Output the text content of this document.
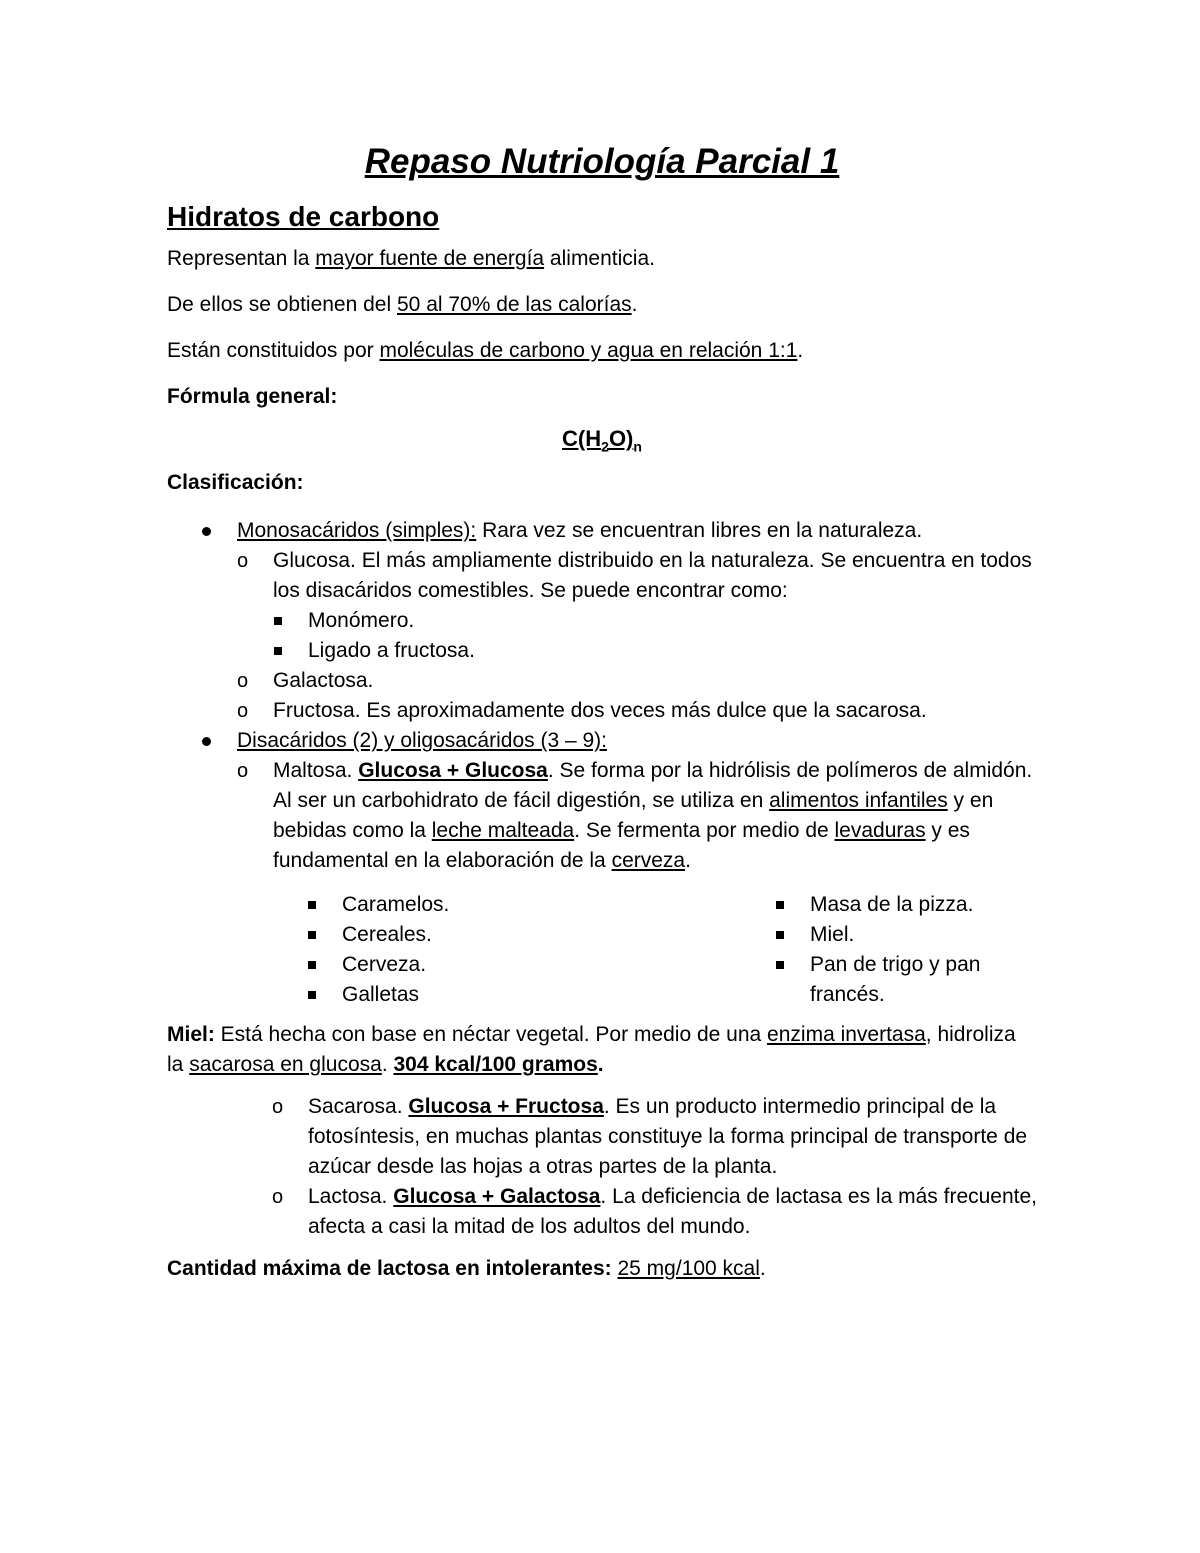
Repaso Nutriología Parcial 1
Hidratos de carbono

Representan la mayor fuente de energía alimenticia.

De ellos se obtienen del 50 al 70% de las calorías.

Están constituidos por moléculas de carbono y agua en relación 1:1.

Fórmula general:

$C(H_2O)_n$

Clasificación:

Monosacáridos (simples): Rara vez se encuentran libres en la naturaleza.
o Glucosa. El más ampliamente distribuido en la naturaleza. Se encuentra en todos los disacáridos comestibles. Se puede encontrar como:
Monómero.
Ligado a fructosa.
o Galactosa.
o Fructosa. Es aproximadamente dos veces más dulce que la sacarosa.
Disacáridos (2) y oligosacáridos (3 – 9):
o Maltosa. Glucosa + Glucosa. Se forma por la hidrólisis de polímeros de almidón. Al ser un carbohidrato de fácil digestión, se utiliza en alimentos infantiles y en bebidas como la leche malteada. Se fermenta por medio de levaduras y es fundamental en la elaboración de la cerveza.
Caramelos.
Cereales.
Cerveza.
Galletas
Masa de la pizza.
Miel.
Pan de trigo y pan francés.

Miel: Está hecha con base en néctar vegetal. Por medio de una enzima invertasa, hidroliza la sacarosa en glucosa. 304 kcal/100 gramos.

o Sacarosa. Glucosa + Fructosa. Es un producto intermedio principal de la fotosíntesis, en muchas plantas constituye la forma principal de transporte de azúcar desde las hojas a otras partes de la planta.
o Lactosa. Glucosa + Galactosa. La deficiencia de lactasa es la más frecuente, afecta a casi la mitad de los adultos del mundo.

Cantidad máxima de lactosa en intolerantes: 25 mg/100 kcal.
